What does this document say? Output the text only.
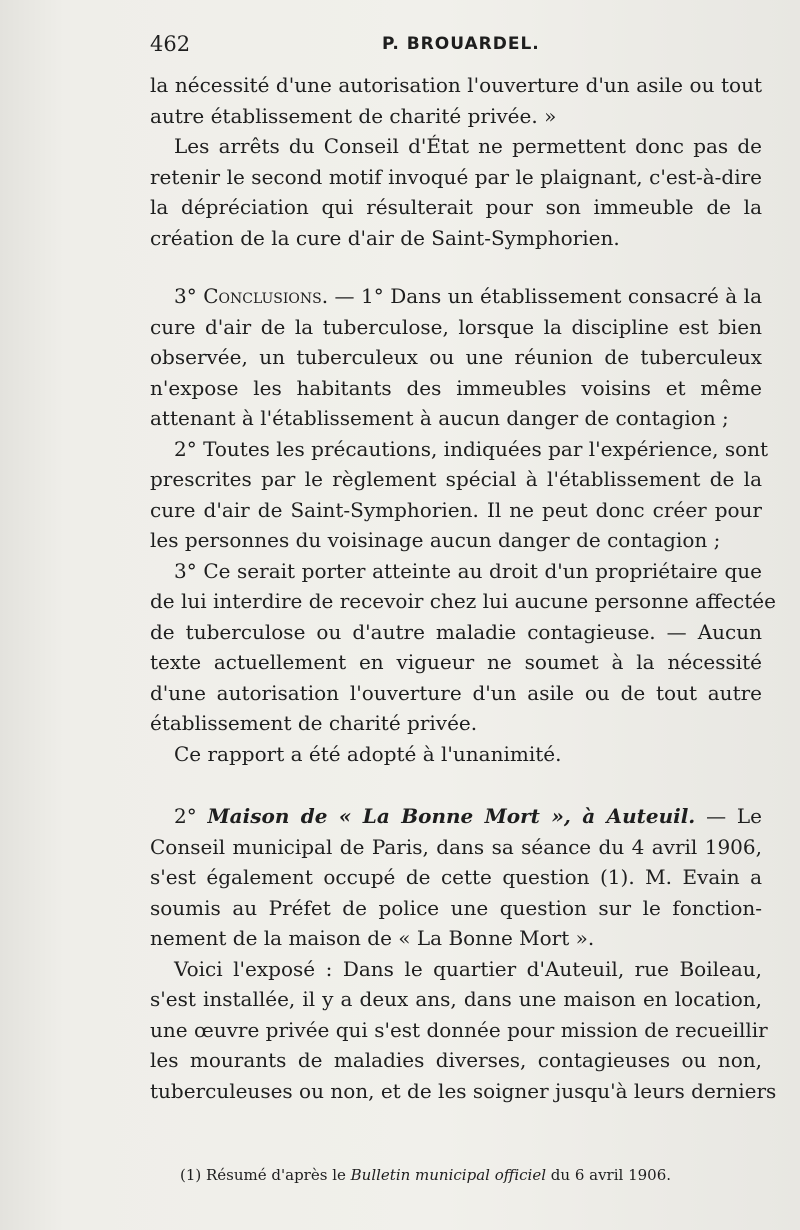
462	P. BROUARDEL.
la nécessité d'une autorisation l'ouverture d'un asile ou tout
autre établissement de charité privée. »
Les arrêts du Conseil d'État ne permettent donc pas de
retenir le second motif invoqué par le plaignant, c'est-à-dire
la dépréciation qui résulterait pour son immeuble de la
création de la cure d'air de Saint-Symphorien.
3° Conclusions. — 1° Dans un établissement consacré à la
cure d'air de la tuberculose, lorsque la discipline est bien
observée, un tuberculeux ou une réunion de tuberculeux
n'expose les habitants des immeubles voisins et même
attenant à l'établissement à aucun danger de contagion ;
2° Toutes les précautions, indiquées par l'expérience, sont
prescrites par le règlement spécial à l'établissement de la
cure d'air de Saint-Symphorien. Il ne peut donc créer pour
les personnes du voisinage aucun danger de contagion ;
3° Ce serait porter atteinte au droit d'un propriétaire que
de lui interdire de recevoir chez lui aucune personne affectée
de tuberculose ou d'autre maladie contagieuse. — Aucun
texte actuellement en vigueur ne soumet à la nécessité
d'une autorisation l'ouverture d'un asile ou de tout autre
établissement de charité privée.
Ce rapport a été adopté à l'unanimité.
2° Maison de « La Bonne Mort », à Auteuil. — Le
Conseil municipal de Paris, dans sa séance du 4 avril 1906,
s'est également occupé de cette question (1). M. Evain a
soumis au Préfet de police une question sur le fonction-
nement de la maison de « La Bonne Mort ».
Voici l'exposé : Dans le quartier d'Auteuil, rue Boileau,
s'est installée, il y a deux ans, dans une maison en location,
une œuvre privée qui s'est donnée pour mission de recueillir
les mourants de maladies diverses, contagieuses ou non,
tuberculeuses ou non, et de les soigner jusqu'à leurs derniers
(1) Résumé d'après le Bulletin municipal officiel du 6 avril 1906.
